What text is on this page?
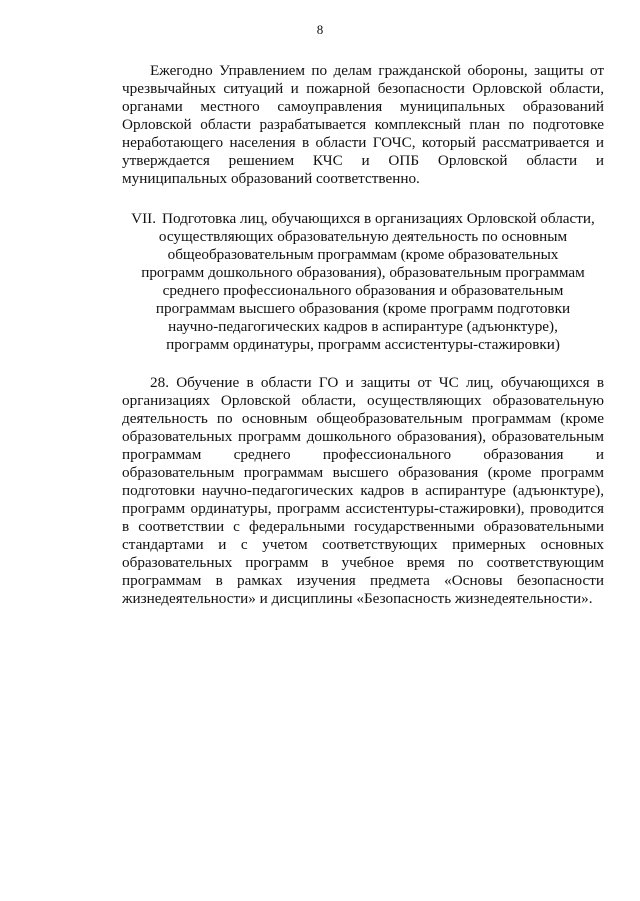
8

Ежегодно Управлением по делам гражданской обороны, защиты от чрезвычайных ситуаций и пожарной безопасности Орловской области, органами местного самоуправления муниципальных образований Орловской области разрабатывается комплексный план по подготовке неработающего населения в области ГОЧС, который рассматривается и утверждается решением КЧС и ОПБ Орловской области и муниципальных образований соответственно.

VII. Подготовка лиц, обучающихся в организациях Орловской области,
осуществляющих образовательную деятельность по основным
общеобразовательным программам (кроме образовательных
программ дошкольного образования), образовательным программам
среднего профессионального образования и образовательным
программам высшего образования (кроме программ подготовки
научно-педагогических кадров в аспирантуре (адъюнктуре),
программ ординатуры, программ ассистентуры-стажировки)

28. Обучение в области ГО и защиты от ЧС лиц, обучающихся в организациях Орловской области, осуществляющих образовательную деятельность по основным общеобразовательным программам (кроме образовательных программ дошкольного образования), образовательным программам среднего профессионального образования и образовательным программам высшего образования (кроме программ подготовки научно-педагогических кадров в аспирантуре (адъюнктуре), программ ординатуры, программ ассистентуры-стажировки), проводится в соответствии с федеральными государственными образовательными стандартами и с учетом соответствующих примерных основных образовательных программ в учебное время по соответствующим программам в рамках изучения предмета «Основы безопасности жизнедеятельности» и дисциплины «Безопасность жизнедеятельности».
